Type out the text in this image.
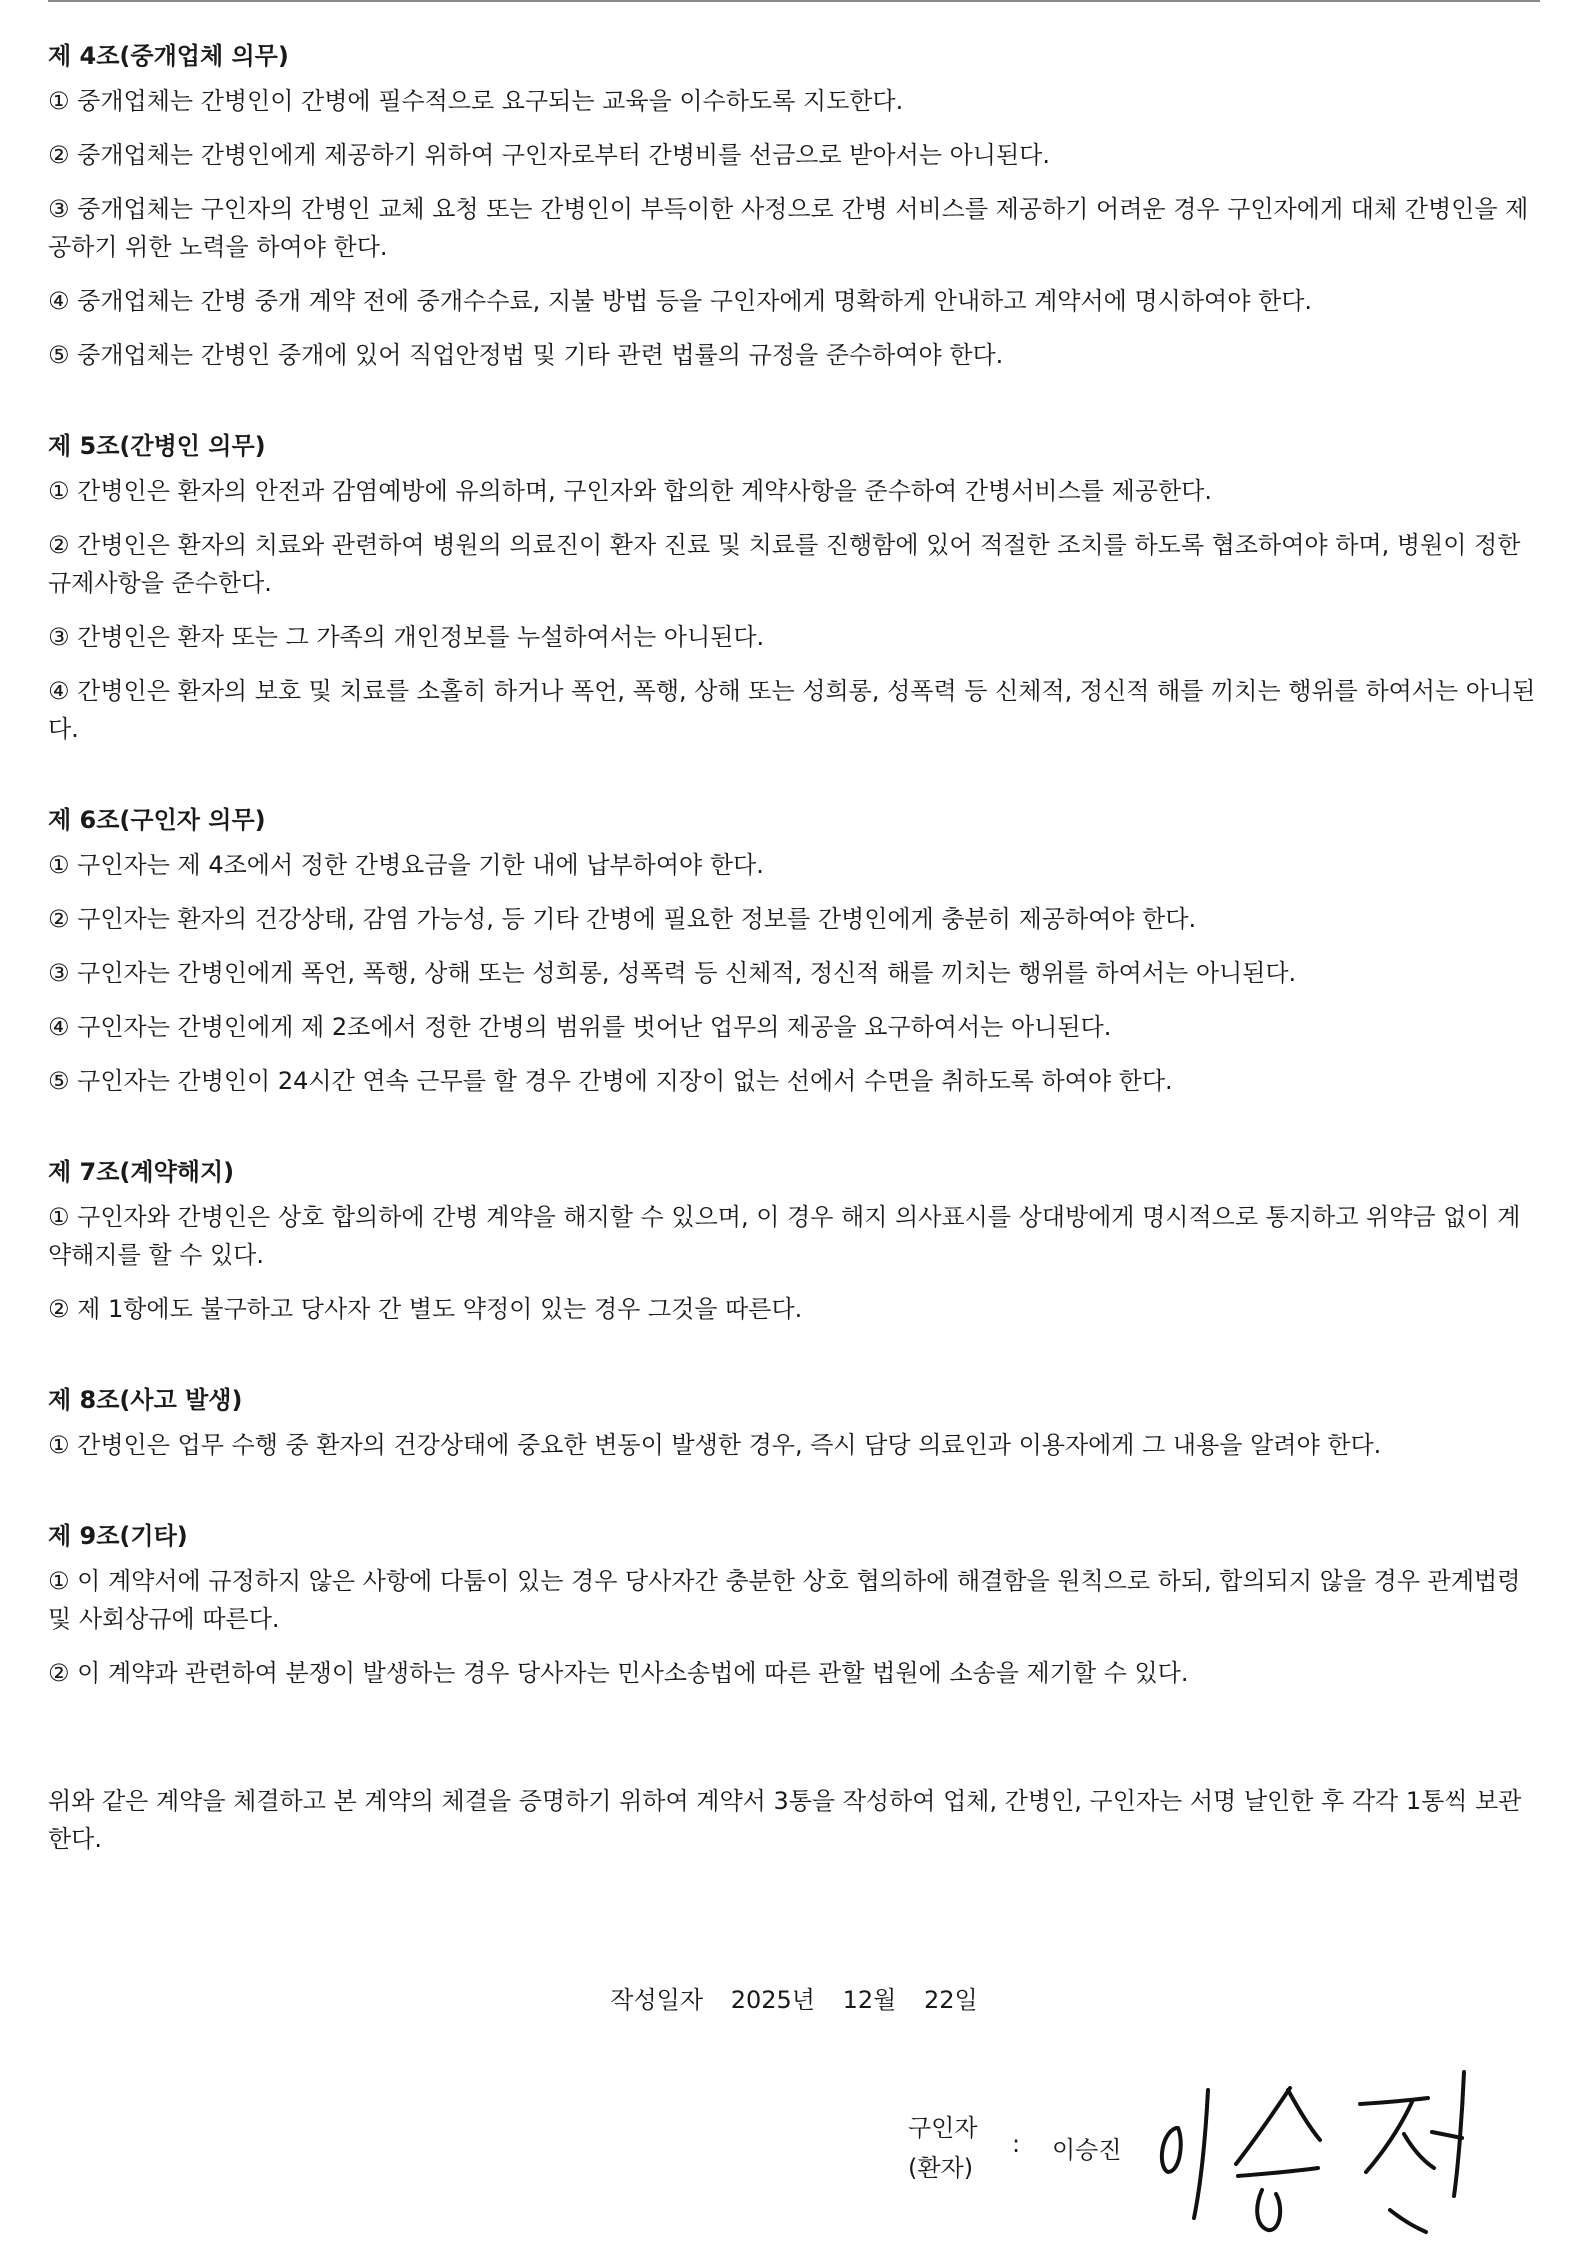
제 4조(중개업체 의무)
① 중개업체는 간병인이 간병에 필수적으로 요구되는 교육을 이수하도록 지도한다.
② 중개업체는 간병인에게 제공하기 위하여 구인자로부터 간병비를 선금으로 받아서는 아니된다.
③ 중개업체는 구인자의 간병인 교체 요청 또는 간병인이 부득이한 사정으로 간병 서비스를 제공하기 어려운 경우 구인자에게 대체 간병인을 제공하기 위한 노력을 하여야 한다.
④ 중개업체는 간병 중개 계약 전에 중개수수료, 지불 방법 등을 구인자에게 명확하게 안내하고 계약서에 명시하여야 한다.
⑤ 중개업체는 간병인 중개에 있어 직업안정법 및 기타 관련 법률의 규정을 준수하여야 한다.
제 5조(간병인 의무)
① 간병인은 환자의 안전과 감염예방에 유의하며, 구인자와 합의한 계약사항을 준수하여 간병서비스를 제공한다.
② 간병인은 환자의 치료와 관련하여 병원의 의료진이 환자 진료 및 치료를 진행함에 있어 적절한 조치를 하도록 협조하여야 하며, 병원이 정한 규제사항을 준수한다.
③ 간병인은 환자 또는 그 가족의 개인정보를 누설하여서는 아니된다.
④ 간병인은 환자의 보호 및 치료를 소홀히 하거나 폭언, 폭행, 상해 또는 성희롱, 성폭력 등 신체적, 정신적 해를 끼치는 행위를 하여서는 아니된다.
제 6조(구인자 의무)
① 구인자는 제 4조에서 정한 간병요금을 기한 내에 납부하여야 한다.
② 구인자는 환자의 건강상태, 감염 가능성, 등 기타 간병에 필요한 정보를 간병인에게 충분히 제공하여야 한다.
③ 구인자는 간병인에게 폭언, 폭행, 상해 또는 성희롱, 성폭력 등 신체적, 정신적 해를 끼치는 행위를 하여서는 아니된다.
④ 구인자는 간병인에게 제 2조에서 정한 간병의 범위를 벗어난 업무의 제공을 요구하여서는 아니된다.
⑤ 구인자는 간병인이 24시간 연속 근무를 할 경우 간병에 지장이 없는 선에서 수면을 취하도록 하여야 한다.
제 7조(계약해지)
① 구인자와 간병인은 상호 합의하에 간병 계약을 해지할 수 있으며, 이 경우 해지 의사표시를 상대방에게 명시적으로 통지하고 위약금 없이 계약해지를 할 수 있다.
② 제 1항에도 불구하고 당사자 간 별도 약정이 있는 경우 그것을 따른다.
제 8조(사고 발생)
① 간병인은 업무 수행 중 환자의 건강상태에 중요한 변동이 발생한 경우, 즉시 담당 의료인과 이용자에게 그 내용을 알려야 한다.
제 9조(기타)
① 이 계약서에 규정하지 않은 사항에 다툼이 있는 경우 당사자간 충분한 상호 협의하에 해결함을 원칙으로 하되, 합의되지 않을 경우 관계법령 및 사회상규에 따른다.
② 이 계약과 관련하여 분쟁이 발생하는 경우 당사자는 민사소송법에 따른 관할 법원에 소송을 제기할 수 있다.
위와 같은 계약을 체결하고 본 계약의 체결을 증명하기 위하여 계약서 3통을 작성하여 업체, 간병인, 구인자는 서명 날인한 후 각각 1통씩 보관한다.
작성일자 2025년 12월 22일
구인자
(환자)
: 이승진
